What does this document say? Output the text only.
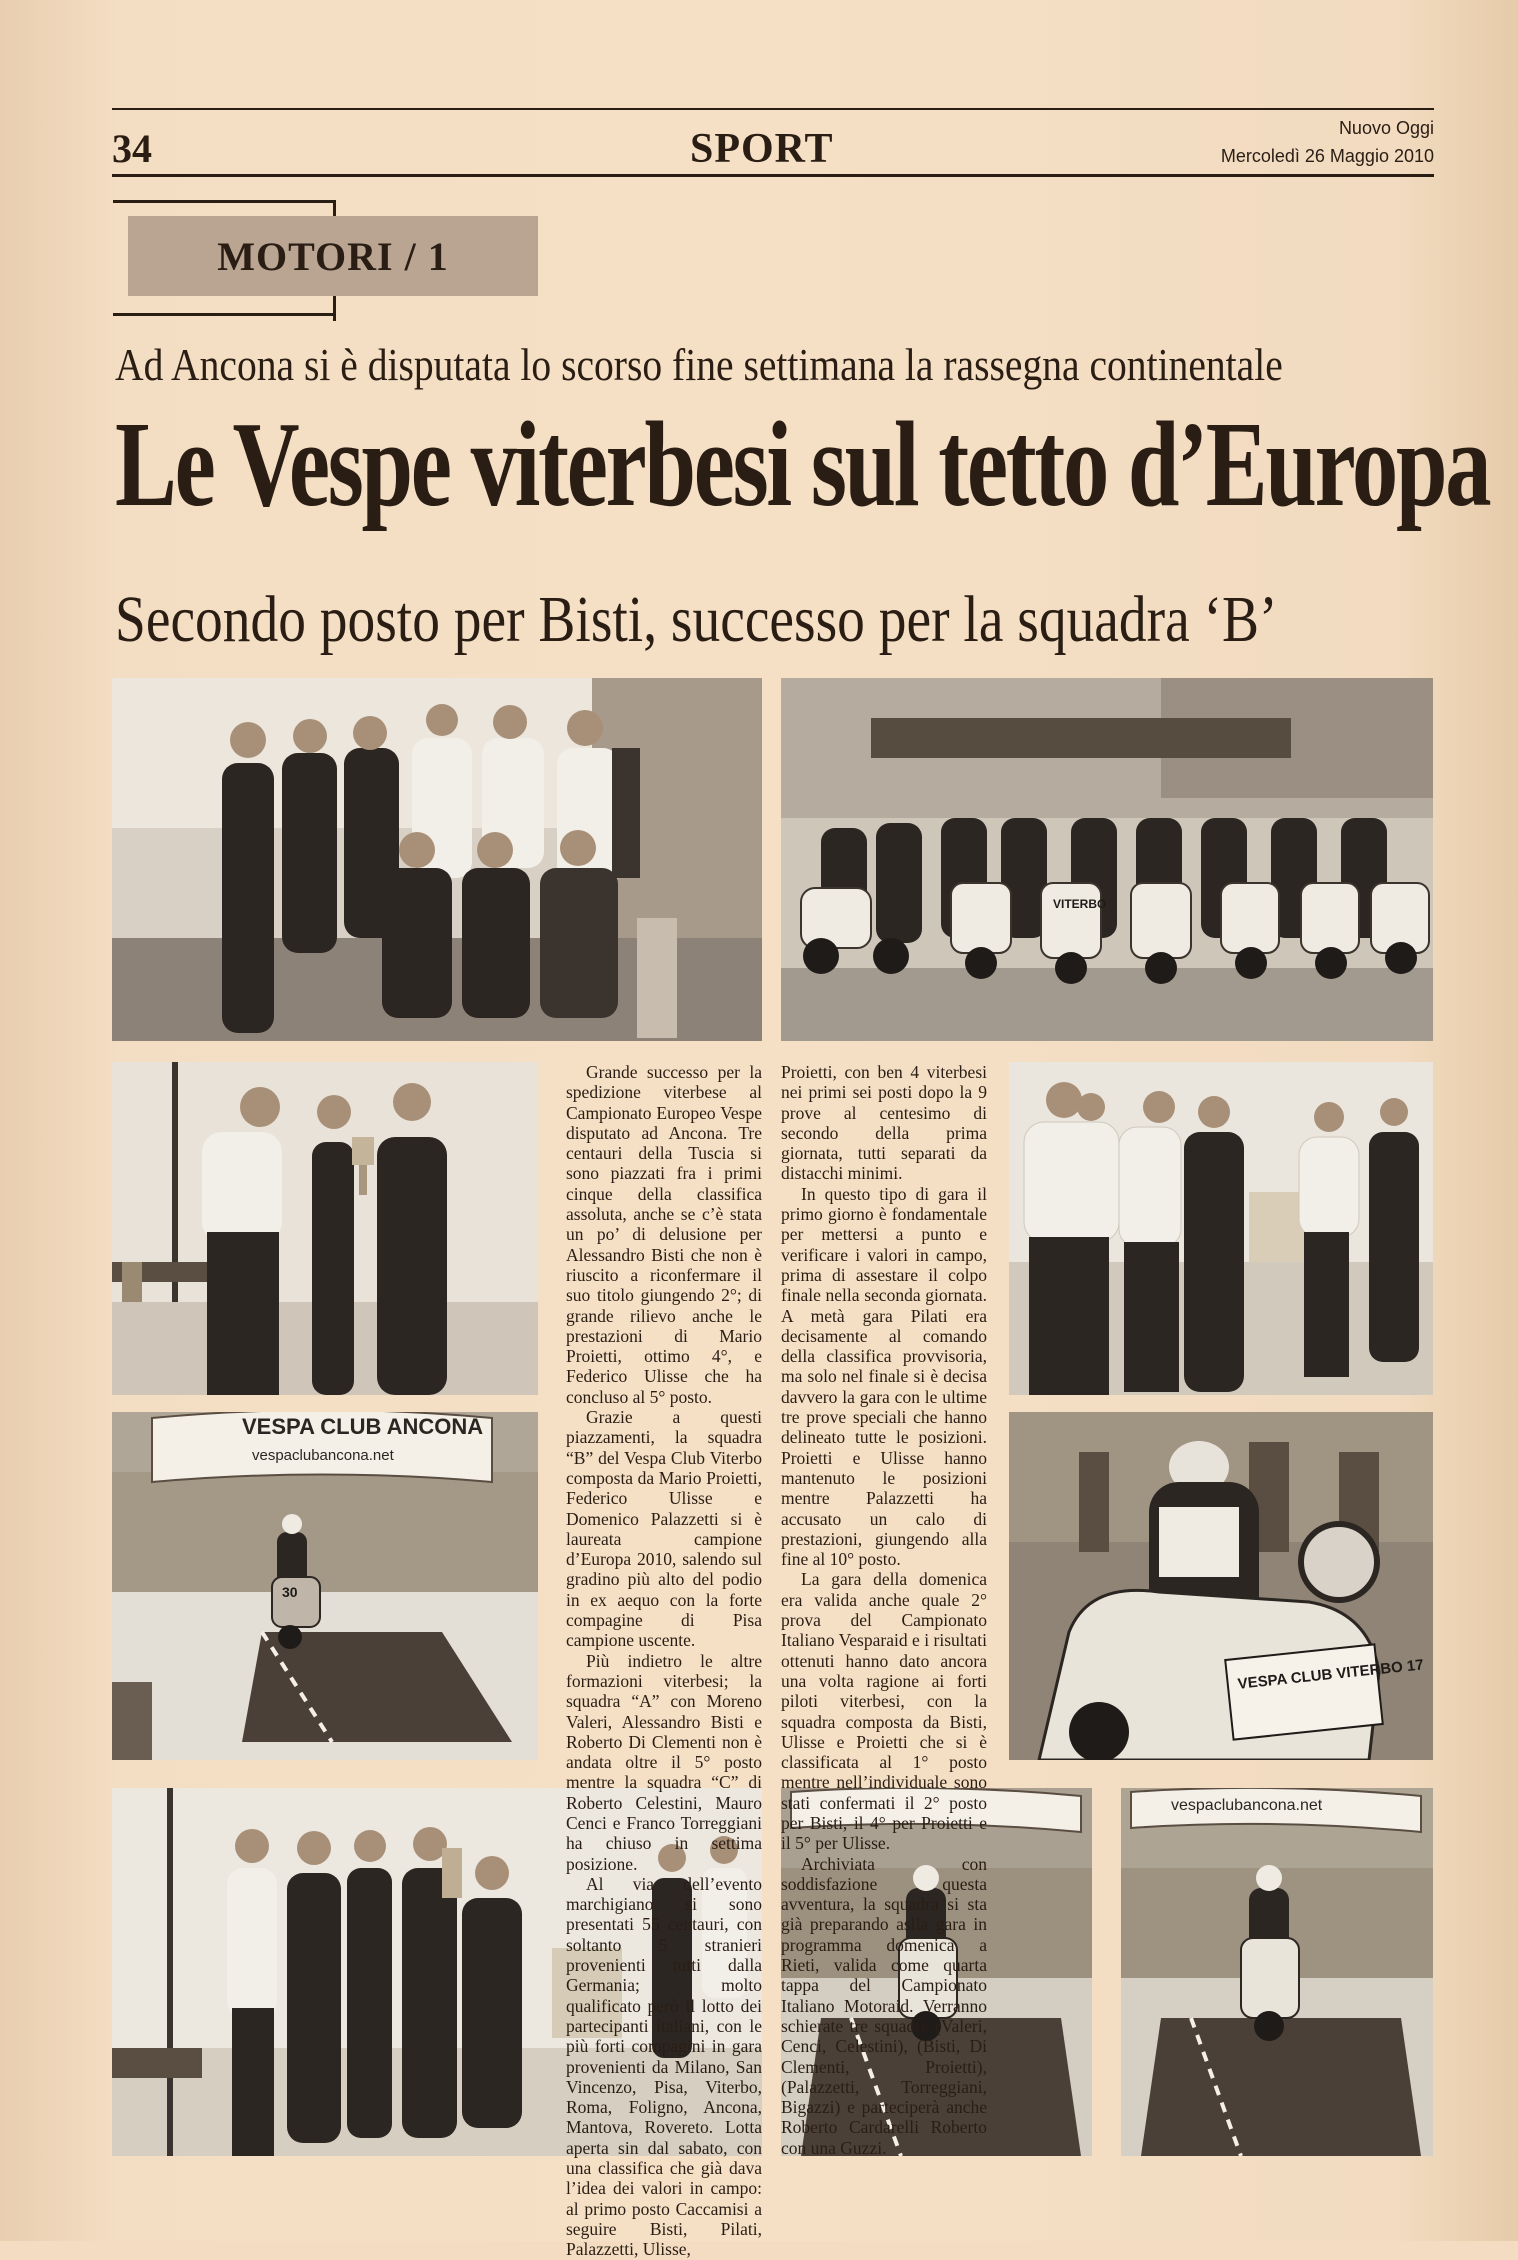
34	SPORT	Nuovo Oggi
Mercoledì 26 Maggio 2010
MOTORI / 1
Ad Ancona si è disputata lo scorso fine settimana la rassegna continentale
Le Vespe viterbesi sul tetto d’Europa
Secondo posto per Bisti, successo per la squadra ‘B’
VITERBO
VESPA CLUB ANCONA
vespaclubancona.net
30
VESPA CLUB VITERBO 17
vespaclubancona.net

Grande successo per la spedizione viterbese al Campionato Europeo Vespe disputato ad Ancona. Tre centauri della Tuscia si sono piazzati fra i primi cinque della classifica assoluta, anche se c’è stata un po’ di delusione per Alessandro Bisti che non è riuscito a riconfermare il suo titolo giungendo 2°; di grande rilievo anche le prestazioni di Mario Proietti, ottimo 4°, e Federico Ulisse che ha concluso al 5° posto.

Grazie a questi piazzamenti, la squadra “B” del Vespa Club Viterbo composta da Mario Proietti, Federico Ulisse e Domenico Palazzetti si è laureata campione d’Europa 2010, salendo sul gradino più alto del podio in ex aequo con la forte compagine di Pisa campione uscente.

Più indietro le altre formazioni viterbesi; la squadra “A” con Moreno Valeri, Alessandro Bisti e Roberto Di Clementi non è andata oltre il 5° posto mentre la squadra “C” di Roberto Celestini, Mauro Cenci e Franco Torreggiani ha chiuso in settima posizione.

Al via dell’evento marchigiano si sono presentati 55 centauri, con soltanto 5 stranieri provenienti tutti dalla Germania; molto qualificato però il lotto dei partecipanti italiani, con le più forti compagini in gara provenienti da Milano, San Vincenzo, Pisa, Viterbo, Roma, Foligno, Ancona, Mantova, Rovereto. Lotta aperta sin dal sabato, con una classifica che già dava l’idea dei valori in campo: al primo posto Caccamisi a seguire Bisti, Pilati, Palazzetti, Ulisse,

Proietti, con ben 4 viterbesi nei primi sei posti dopo la 9 prove al centesimo di secondo della prima giornata, tutti separati da distacchi minimi.

In questo tipo di gara il primo giorno è fondamentale per mettersi a punto e verificare i valori in campo, prima di assestare il colpo finale nella seconda giornata. A metà gara Pilati era decisamente al comando della classifica provvisoria, ma solo nel finale si è decisa davvero la gara con le ultime tre prove speciali che hanno delineato tutte le posizioni. Proietti e Ulisse hanno mantenuto le posizioni mentre Palazzetti ha accusato un calo di prestazioni, giungendo alla fine al 10° posto.

La gara della domenica era valida anche quale 2° prova del Campionato Italiano Vesparaid e i risultati ottenuti hanno dato ancora una volta ragione ai forti piloti viterbesi, con la squadra composta da Bisti, Ulisse e Proietti che si è classificata al 1° posto mentre nell’individuale sono stati confermati il 2° posto per Bisti, il 4° per Proietti e il 5° per Ulisse.

Archiviata con soddisfazione questa avventura, la squadra si sta già preparando aslla gara in programma domenica a Rieti, valida come quarta tappa del Campionato Italiano Motoraid. Verranno schierate tre squadre (Valeri, Cenci, Celestini), (Bisti, Di Clementi, Proietti), (Palazzetti, Torreggiani, Bigazzi) e parteciperà anche Roberto Cardarelli Roberto con una Guzzi.
